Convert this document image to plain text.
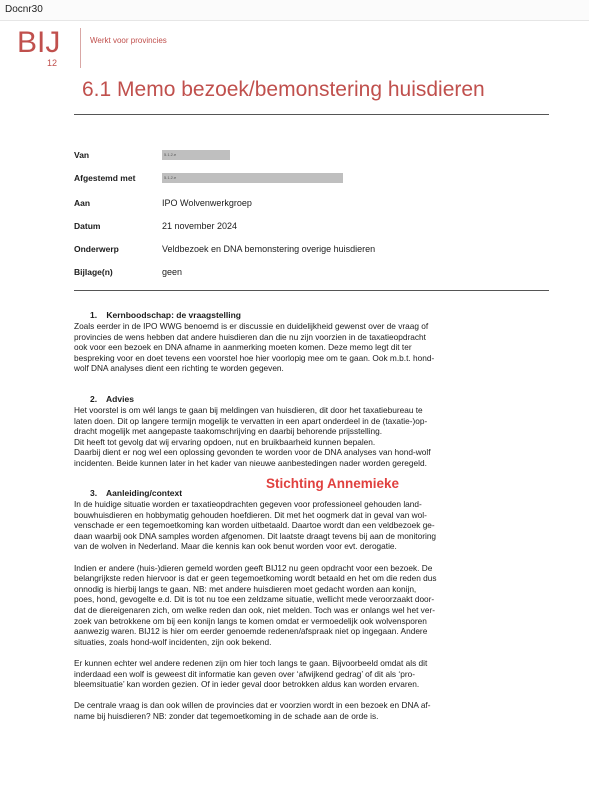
Docnr30
BIJ
12
Werkt voor provincies
6.1 Memo bezoek/bemonstering huisdieren
Van	5.1.2.e
Afgestemd met	5.1.2.e
Aan	IPO Wolvenwerkgroep
Datum	21 november 2024
Onderwerp	Veldbezoek en DNA bemonstering overige huisdieren
Bijlage(n)	geen
1. Kernboodschap: de vraagstelling

Zoals eerder in de IPO WWG benoemd is er discussie en duidelijkheid gewenst over de vraag of

provincies de wens hebben dat andere huisdieren dan die nu zijn voorzien in de taxatieopdracht

ook voor een bezoek en DNA afname in aanmerking moeten komen. Deze memo legt dit ter

bespreking voor en doet tevens een voorstel hoe hier voorlopig mee om te gaan. Ook m.b.t. hond-

wolf DNA analyses dient een richting te worden gegeven.

2. Advies

Het voorstel is om wél langs te gaan bij meldingen van huisdieren, dit door het taxatiebureau te

laten doen. Dit op langere termijn mogelijk te vervatten in een apart onderdeel in de (taxatie-)op-

dracht mogelijk met aangepaste taakomschrijving en daarbij behorende prijsstelling.

Dit heeft tot gevolg dat wij ervaring opdoen, nut en bruikbaarheid kunnen bepalen.

Daarbij dient er nog wel een oplossing gevonden te worden voor de DNA analyses van hond-wolf

incidenten. Beide kunnen later in het kader van nieuwe aanbestedingen nader worden geregeld.

Stichting Annemieke
3. Aanleiding/context

In de huidige situatie worden er taxatieopdrachten gegeven voor professioneel gehouden land-

bouwhuisdieren en hobbymatig gehouden hoefdieren. Dit met het oogmerk dat in geval van wol-

venschade er een tegemoetkoming kan worden uitbetaald. Daartoe wordt dan een veldbezoek ge-

daan waarbij ook DNA samples worden afgenomen. Dit laatste draagt tevens bij aan de monitoring

van de wolven in Nederland. Maar die kennis kan ook benut worden voor evt. derogatie.

Indien er andere (huis-)dieren gemeld worden geeft BIJ12 nu geen opdracht voor een bezoek. De

belangrijkste reden hiervoor is dat er geen tegemoetkoming wordt betaald en het om die reden dus

onnodig is hierbij langs te gaan. NB: met andere huisdieren moet gedacht worden aan konijn,

poes, hond, gevogelte e.d. Dit is tot nu toe een zeldzame situatie, wellicht mede veroorzaakt door-

dat de diereigenaren zich, om welke reden dan ook, niet melden. Toch was er onlangs wel het ver-

zoek van betrokkene om bij een konijn langs te komen omdat er vermoedelijk ook wolvensporen

aanwezig waren. BIJ12 is hier om eerder genoemde redenen/afspraak niet op ingegaan. Andere

situaties, zoals hond-wolf incidenten, zijn ook bekend.

Er kunnen echter wel andere redenen zijn om hier toch langs te gaan. Bijvoorbeeld omdat als dit

inderdaad een wolf is geweest dit informatie kan geven over ‘afwijkend gedrag’ of dit als ‘pro-

bleemsituatie’ kan worden gezien. Of in ieder geval door betrokken aldus kan worden ervaren.

De centrale vraag is dan ook willen de provincies dat er voorzien wordt in een bezoek en DNA af-

name bij huisdieren? NB: zonder dat tegemoetkoming in de schade aan de orde is.
